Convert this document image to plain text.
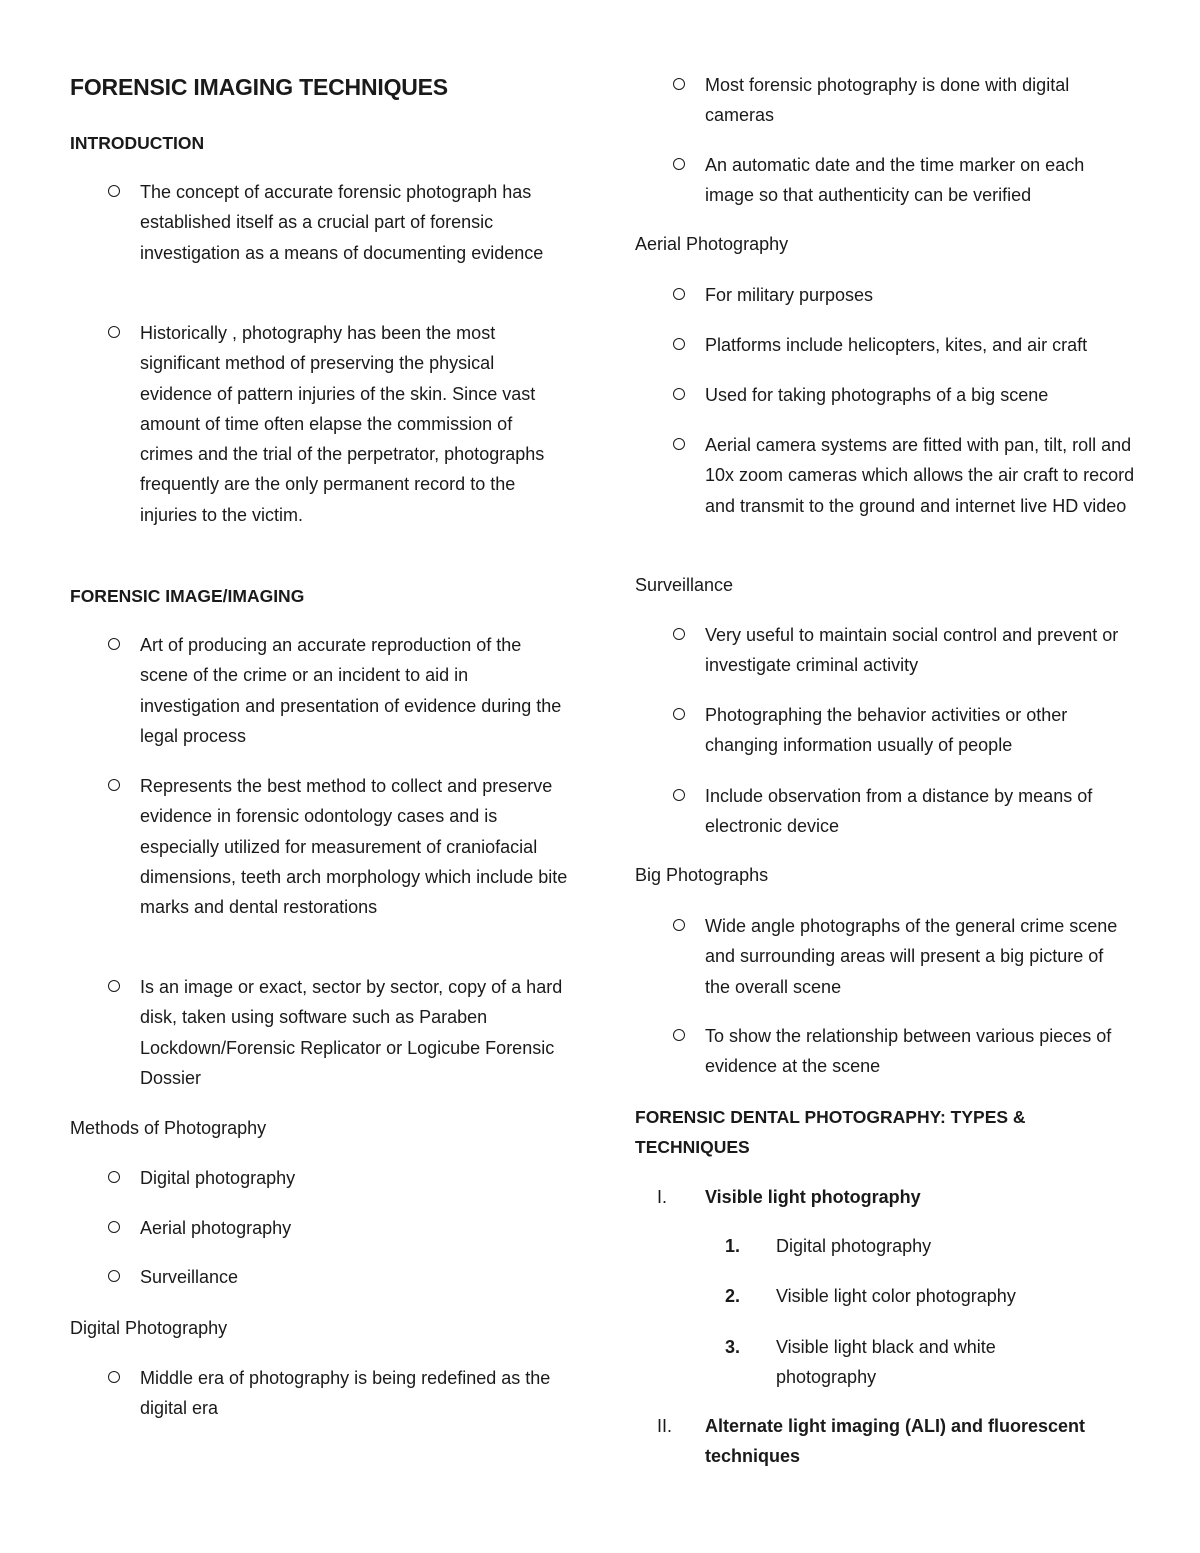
FORENSIC IMAGING TECHNIQUES
INTRODUCTION
The concept of accurate forensic photograph has established itself as a crucial part of forensic investigation as a means of documenting evidence
Historically , photography has been the most significant method of preserving the physical evidence of pattern injuries of the skin. Since vast amount of time often elapse the commission of crimes and the trial of the perpetrator, photographs frequently are the only permanent record to the injuries to the victim.
FORENSIC IMAGE/IMAGING
Art of producing an accurate reproduction of the scene of the crime or an incident to aid in investigation and presentation of evidence during the legal process
Represents the best method to collect and preserve evidence in forensic odontology cases and is especially utilized for measurement of craniofacial dimensions, teeth arch morphology which include bite marks and dental restorations
Is an image or exact, sector by sector, copy of a hard disk, taken using software such as Paraben Lockdown/Forensic Replicator or Logicube Forensic Dossier
Methods of Photography
Digital photography
Aerial photography
Surveillance
Digital Photography
Middle era of photography is being redefined as the digital era
Most forensic photography is done with digital cameras
An automatic date and the time marker on each image so that authenticity can be verified
Aerial Photography
For military purposes
Platforms include helicopters, kites, and air craft
Used for taking photographs of a big scene
Aerial camera systems are fitted with pan, tilt, roll and 10x zoom cameras which allows the air craft to record and transmit to the ground and internet live HD video
Surveillance
Very useful to maintain social control and prevent or investigate criminal activity
Photographing the behavior activities or other changing information usually of people
Include observation from a distance by means of electronic device
Big Photographs
Wide angle photographs of the general crime scene and surrounding areas will present a big picture of the overall scene
To show the relationship between various pieces of evidence at the scene
FORENSIC DENTAL PHOTOGRAPHY: TYPES &
TECHNIQUES
I. Visible light photography
1. Digital photography
2. Visible light color photography
3. Visible light black and white photography
II. Alternate light imaging (ALI) and fluorescent techniques
